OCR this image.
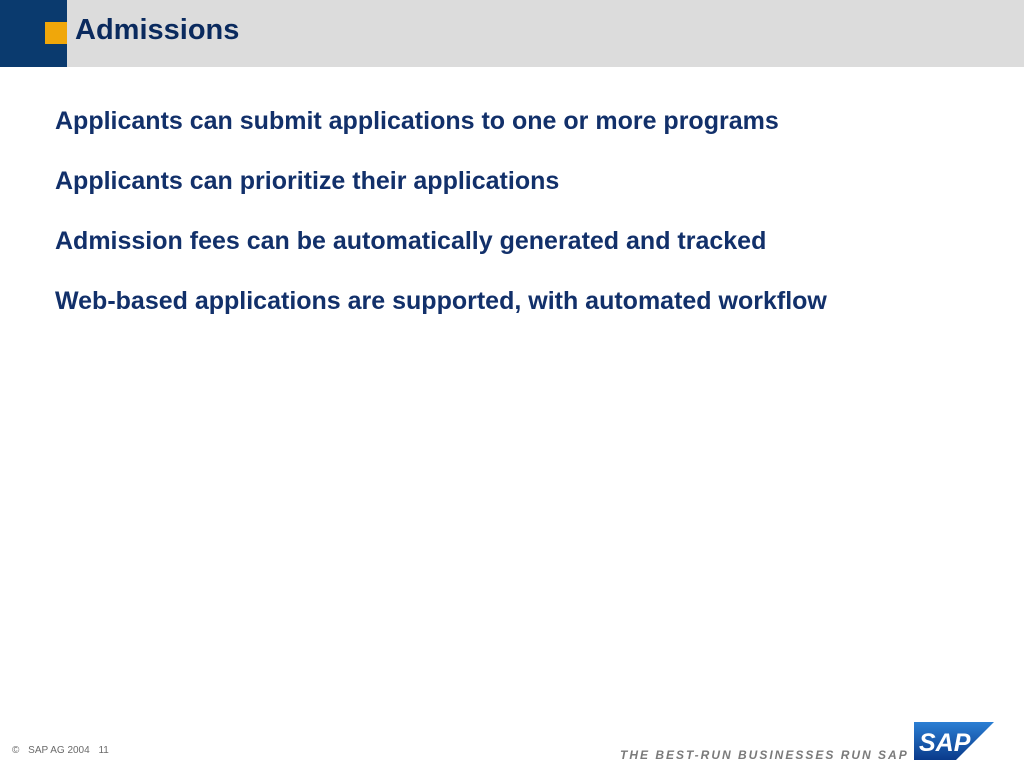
Admissions
Applicants can submit applications to one or more programs
Applicants can prioritize their applications
Admission fees can be automatically generated and tracked
Web-based applications are supported, with automated workflow
© SAP AG 2004 11	THE BEST-RUN BUSINESSES RUN SAP SAP
